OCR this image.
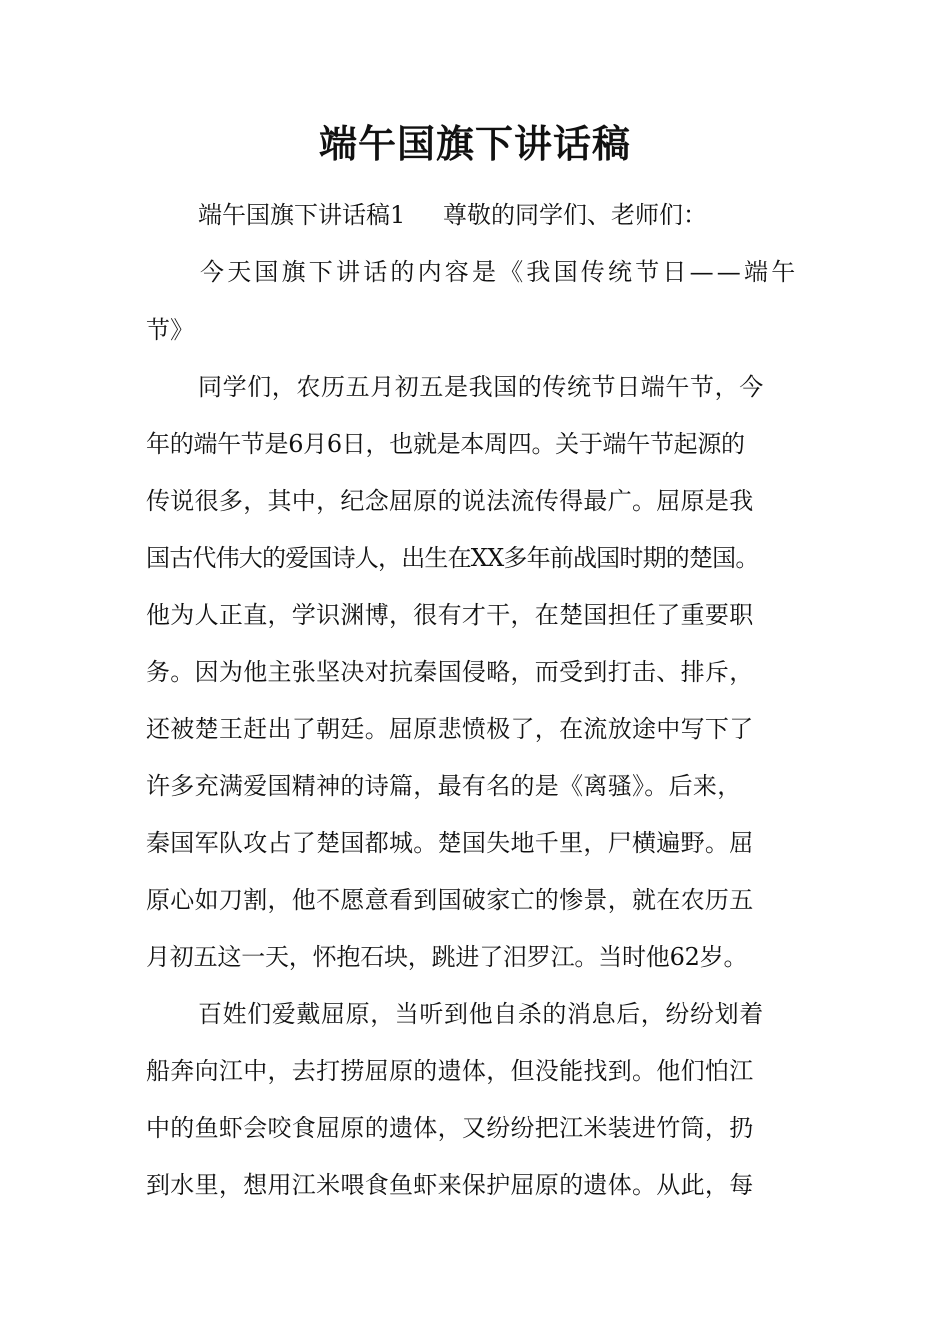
端午国旗下讲话稿
端午国旗下讲话稿1 尊敬的同学们、老师们：

今天国旗下讲话的内容是《我国传统节日——端午

节》

同学们，农历五月初五是我国的传统节日端午节，今

年的端午节是6月6日，也就是本周四。关于端午节起源的

传说很多，其中，纪念屈原的说法流传得最广。屈原是我

国古代伟大的爱国诗人，出生在XX多年前战国时期的楚国。

他为人正直，学识渊博，很有才干，在楚国担任了重要职

务。因为他主张坚决对抗秦国侵略，而受到打击、排斥，

还被楚王赶出了朝廷。屈原悲愤极了，在流放途中写下了

许多充满爱国精神的诗篇，最有名的是《离骚》。后来，

秦国军队攻占了楚国都城。楚国失地千里，尸横遍野。屈

原心如刀割，他不愿意看到国破家亡的惨景，就在农历五

月初五这一天，怀抱石块，跳进了汨罗江。当时他62岁。

百姓们爱戴屈原，当听到他自杀的消息后，纷纷划着

船奔向江中，去打捞屈原的遗体，但没能找到。他们怕江

中的鱼虾会咬食屈原的遗体，又纷纷把江米装进竹筒，扔

到水里，想用江米喂食鱼虾来保护屈原的遗体。从此，每
